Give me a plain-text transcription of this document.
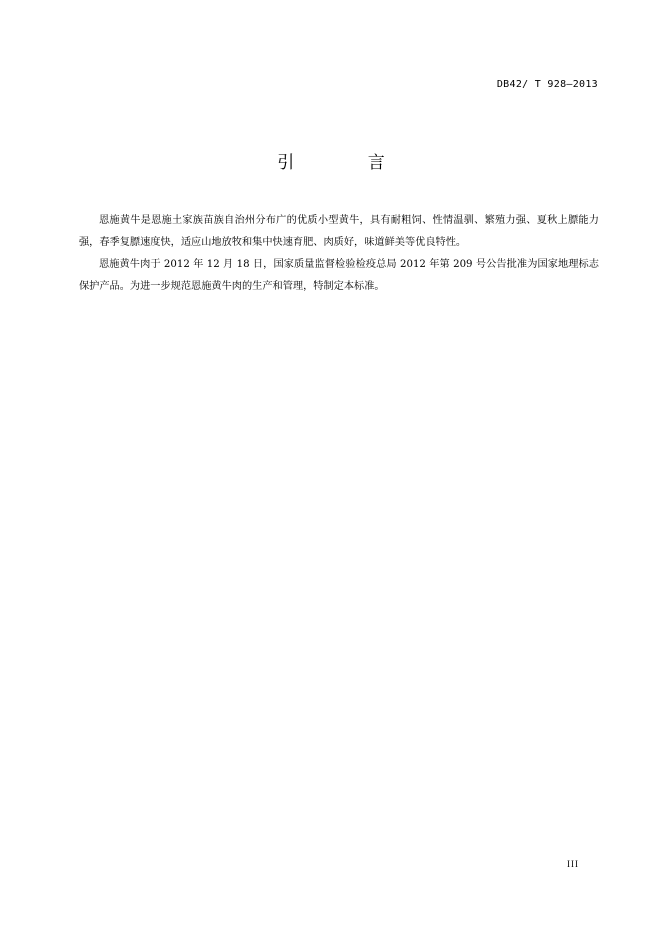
DB42/ T 928—2013
引 言

恩施黄牛是恩施土家族苗族自治州分布广的优质小型黄牛，具有耐粗饲、性情温驯、繁殖力强、夏秋上膘能力强，春季复膘速度快，适应山地放牧和集中快速育肥、肉质好，味道鲜美等优良特性。

恩施黄牛肉于 2012 年 12 月 18 日，国家质量监督检验检疫总局 2012 年第 209 号公告批准为国家地理标志保护产品。为进一步规范恩施黄牛肉的生产和管理，特制定本标准。

III
